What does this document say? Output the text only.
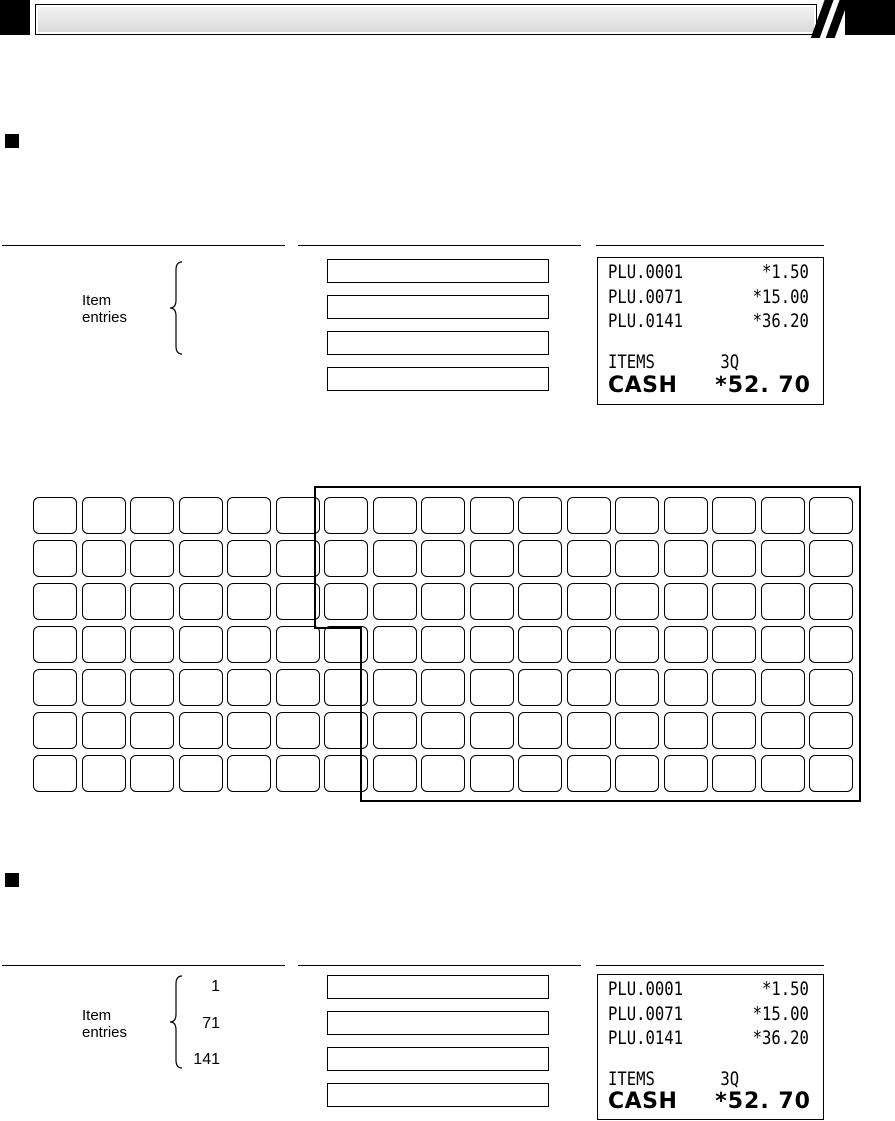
Item
entries
PLU.0001	*1.50
PLU.0071	*15.00
PLU.0141	*36.20
ITEMS	3Q
CASH *52. 70
Item
entries
1
71
141
PLU.0001	*1.50
PLU.0071	*15.00
PLU.0141	*36.20
ITEMS	3Q
CASH *52. 70
